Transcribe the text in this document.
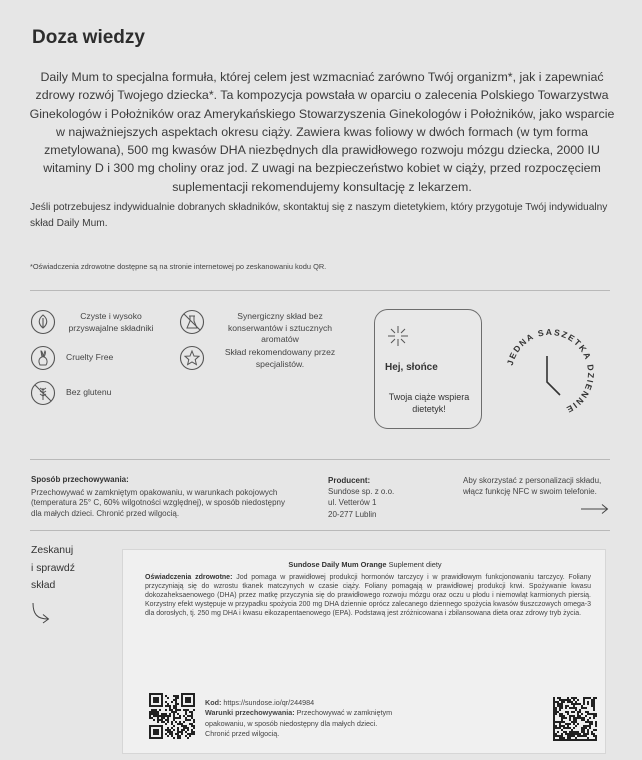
Doza wiedzy
Daily Mum to specjalna formuła, której celem jest wzmacniać zarówno Twój organizm*, jak i zapewniać zdrowy rozwój Twojego dziecka*. Ta kompozycja powstała w oparciu o zalecenia Polskiego Towarzystwa Ginekologów i Położników oraz Amerykańskiego Stowarzyszenia Ginekologów i Położników, jako wsparcie w najważniejszych aspektach okresu ciąży. Zawiera kwas foliowy w dwóch formach (w tym forma zmetylowana), 500 mg kwasów DHA niezbędnych dla prawidłowego rozwoju mózgu dziecka, 2000 IU witaminy D i 300 mg choliny oraz jod. Z uwagi na bezpieczeństwo kobiet w ciąży, przed rozpoczęciem suplementacji rekomendujemy konsultację z lekarzem.
Jeśli potrzebujesz indywidualnie dobranych składników, skontaktuj się z naszym dietetykiem, który przygotuje Twój indywidualny skład Daily Mum.
*Oświadczenia zdrowotne dostępne są na stronie internetowej po zeskanowaniu kodu QR.
Czyste i wysoko przyswajalne składniki
Cruelty Free
Bez glutenu
Synergiczny skład bez konserwantów i sztucznych aromatów
Skład rekomendowany przez specjalistów.	Hej, słońce
Twoja ciąże wspiera dietetyk!
JEDNA SASZETKA DZIENNIE
Sposób przechowywania:
Przechowywać w zamkniętym opakowaniu, w warunkach pokojowych (temperatura 25° C, 60% wilgotności względnej), w sposób niedostępny dla małych dzieci. Chronić przed wilgocią.
Producent:
Sundose sp. z o.o.
ul. Vetterów 1
20-277 Lublin
Aby skorzystać z personalizacji składu, włącz funkcję NFC w swoim telefonie.
Zeskanuj
i sprawdź
skład
Sundose Daily Mum Orange Suplement diety
Oświadczenia zdrowotne: Jod pomaga w prawidłowej produkcji hormonów tarczycy i w prawidłowym funkcjonowaniu tarczycy. Foliany przyczyniają się do wzrostu tkanek matczynych w czasie ciąży. Foliany pomagają w prawidłowej produkcji krwi. Spożywanie kwasu dokozaheksaenowego (DHA) przez matkę przyczynia się do prawidłowego rozwoju mózgu oraz oczu u płodu i niemowląt karmionych piersią. Korzystny efekt występuje w przypadku spożycia 200 mg DHA dziennie oprócz zalecanego dziennego spożycia kwasów tłuszczowych omega-3 dla dorosłych, tj. 250 mg DHA i kwasu eikozapentaenowego (EPA). Podstawą jest zróżnicowana i zbilansowana dieta oraz zdrowy tryb życia.
Kod: https://sundose.io/qr/244984
Warunki przechowywania: Przechowywać w zamkniętym opakowaniu, w sposób niedostępny dla małych dzieci. Chronić przed wilgocią.
